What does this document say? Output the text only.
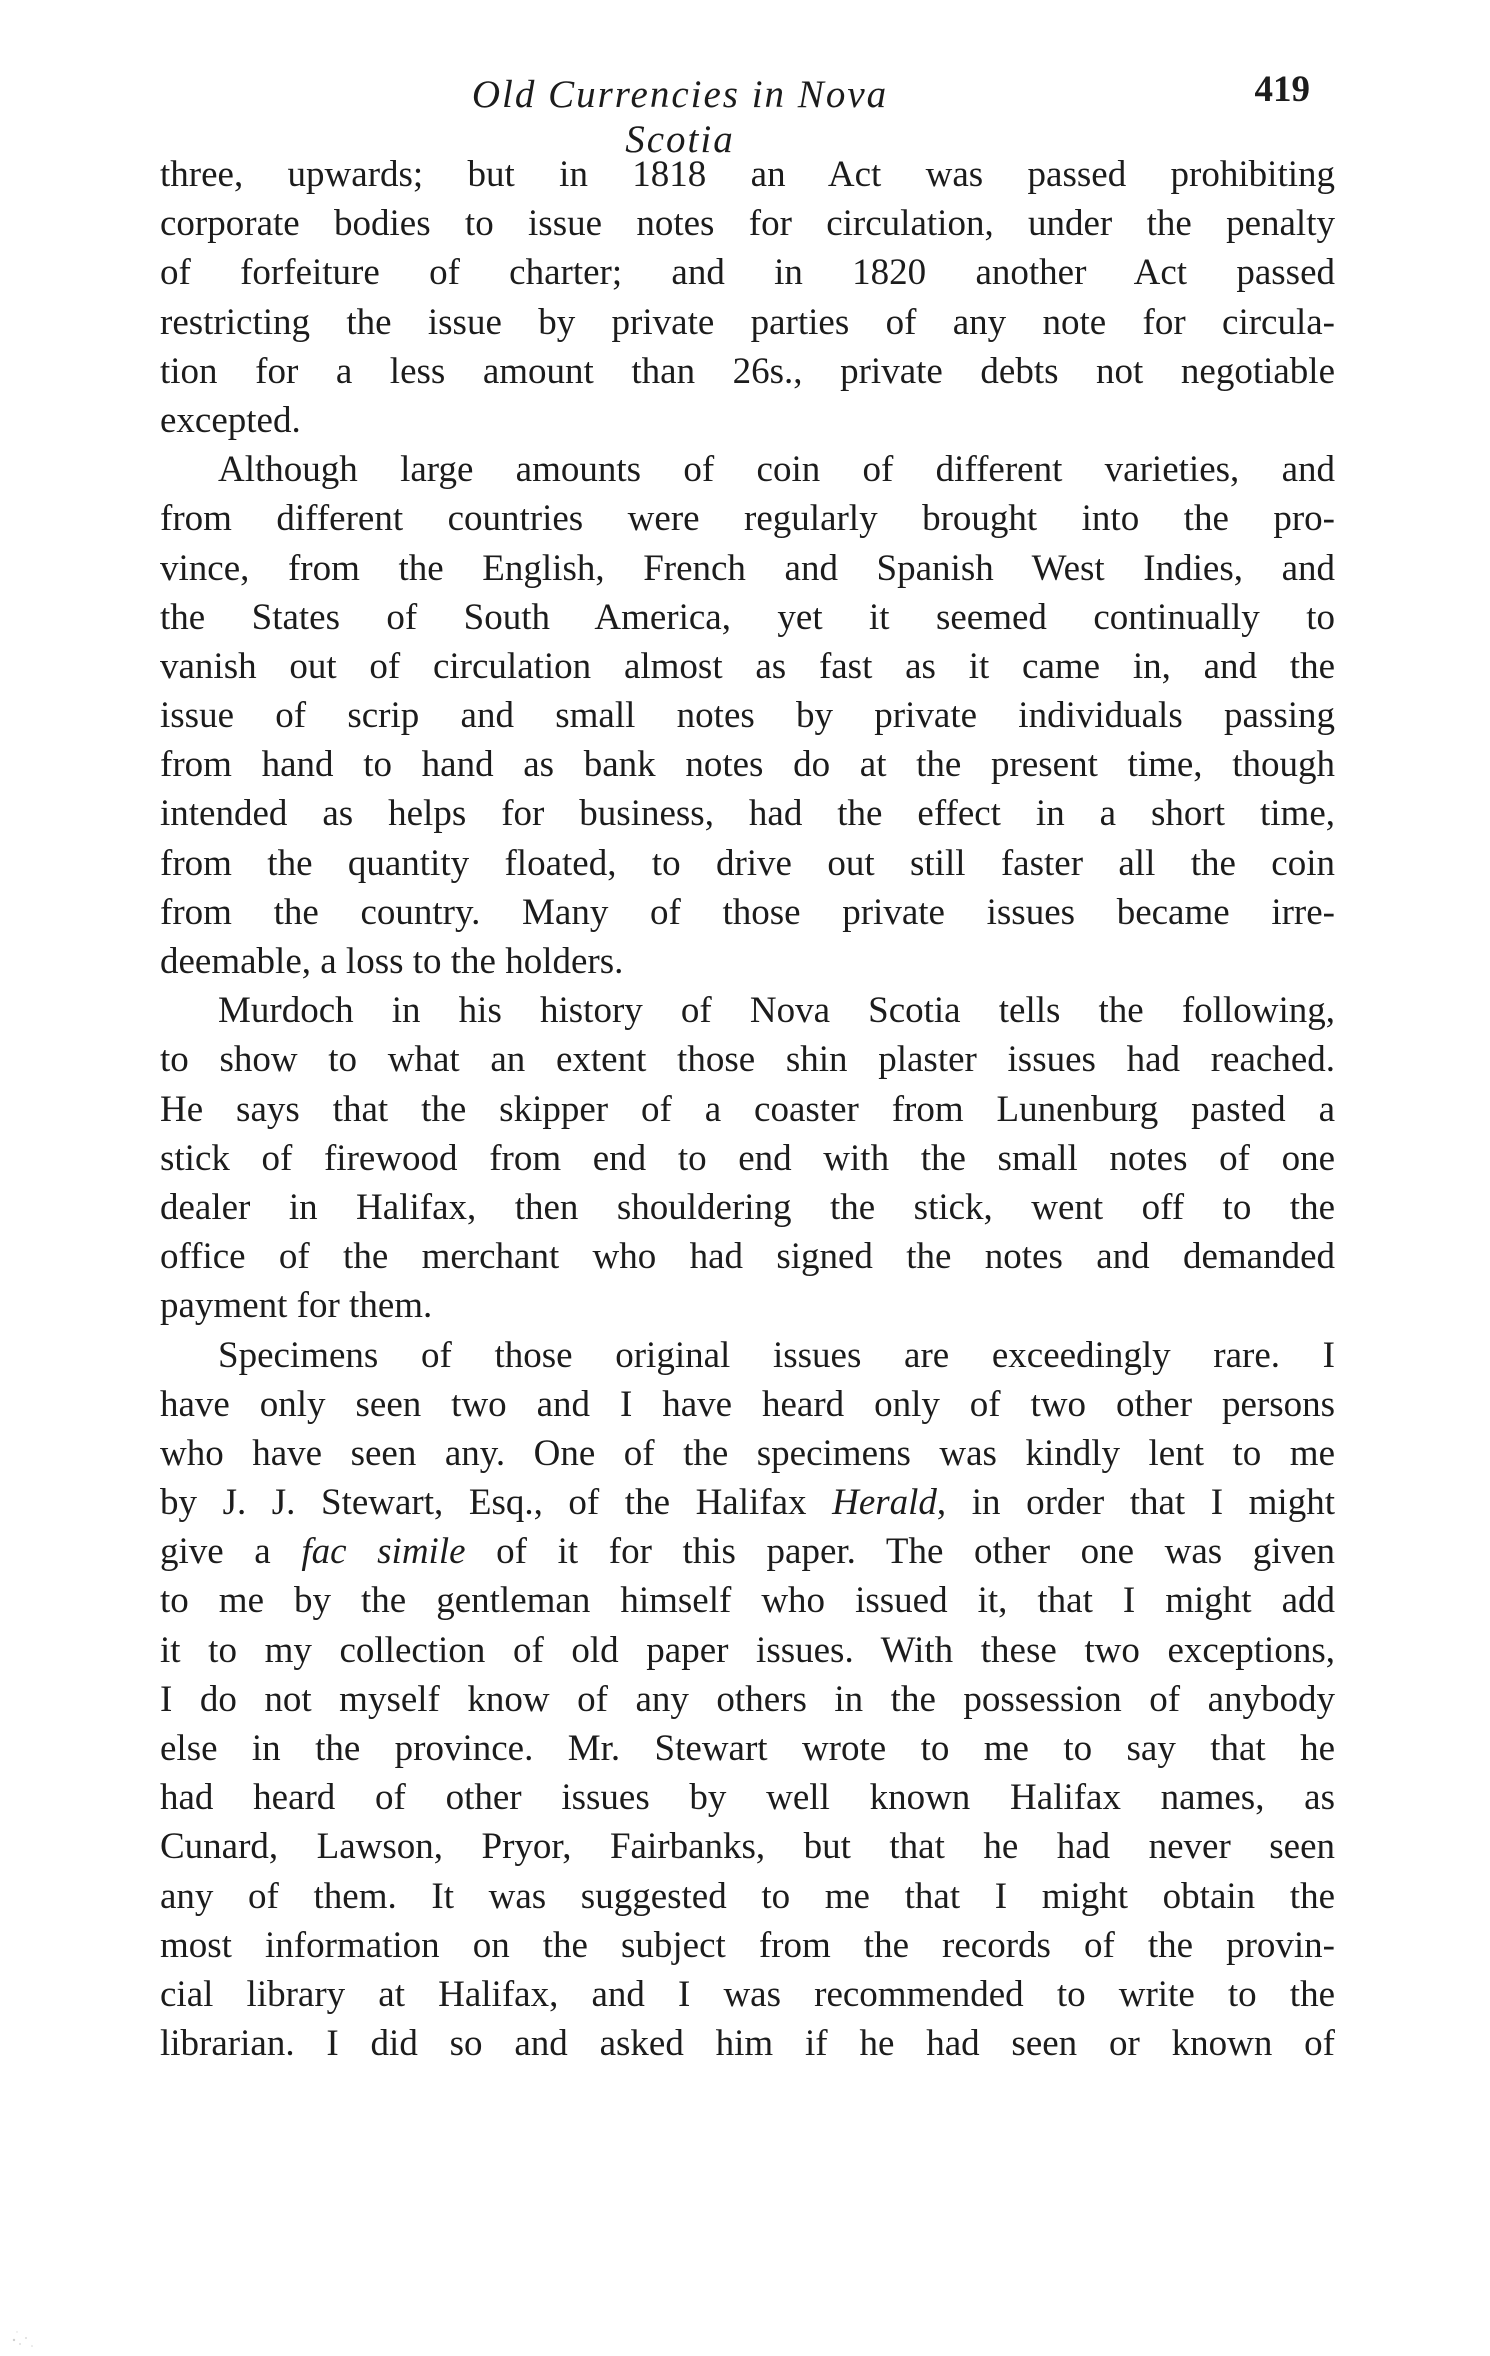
Old Currencies in Nova Scotia
419
three, upwards; but in 1818 an Act was passed prohibiting
corporate bodies to issue notes for circulation, under the penalty
of forfeiture of charter; and in 1820 another Act passed
restricting the issue by private parties of any note for circula-
tion for a less amount than 26s., private debts not negotiable
excepted.
Although large amounts of coin of different varieties, and
from different countries were regularly brought into the pro-
vince, from the English, French and Spanish West Indies, and
the States of South America, yet it seemed continually to
vanish out of circulation almost as fast as it came in, and the
issue of scrip and small notes by private individuals passing
from hand to hand as bank notes do at the present time, though
intended as helps for business, had the effect in a short time,
from the quantity floated, to drive out still faster all the coin
from the country. Many of those private issues became irre-
deemable, a loss to the holders.
Murdoch in his history of Nova Scotia tells the following,
to show to what an extent those shin plaster issues had reached.
He says that the skipper of a coaster from Lunenburg pasted a
stick of firewood from end to end with the small notes of one
dealer in Halifax, then shouldering the stick, went off to the
office of the merchant who had signed the notes and demanded
payment for them.
Specimens of those original issues are exceedingly rare. I
have only seen two and I have heard only of two other persons
who have seen any. One of the specimens was kindly lent to me
by J. J. Stewart, Esq., of the Halifax Herald, in order that I might
give a fac simile of it for this paper. The other one was given
to me by the gentleman himself who issued it, that I might add
it to my collection of old paper issues. With these two exceptions,
I do not myself know of any others in the possession of anybody
else in the province. Mr. Stewart wrote to me to say that he
had heard of other issues by well known Halifax names, as
Cunard, Lawson, Pryor, Fairbanks, but that he had never seen
any of them. It was suggested to me that I might obtain the
most information on the subject from the records of the provin-
cial library at Halifax, and I was recommended to write to the
librarian. I did so and asked him if he had seen or known of
